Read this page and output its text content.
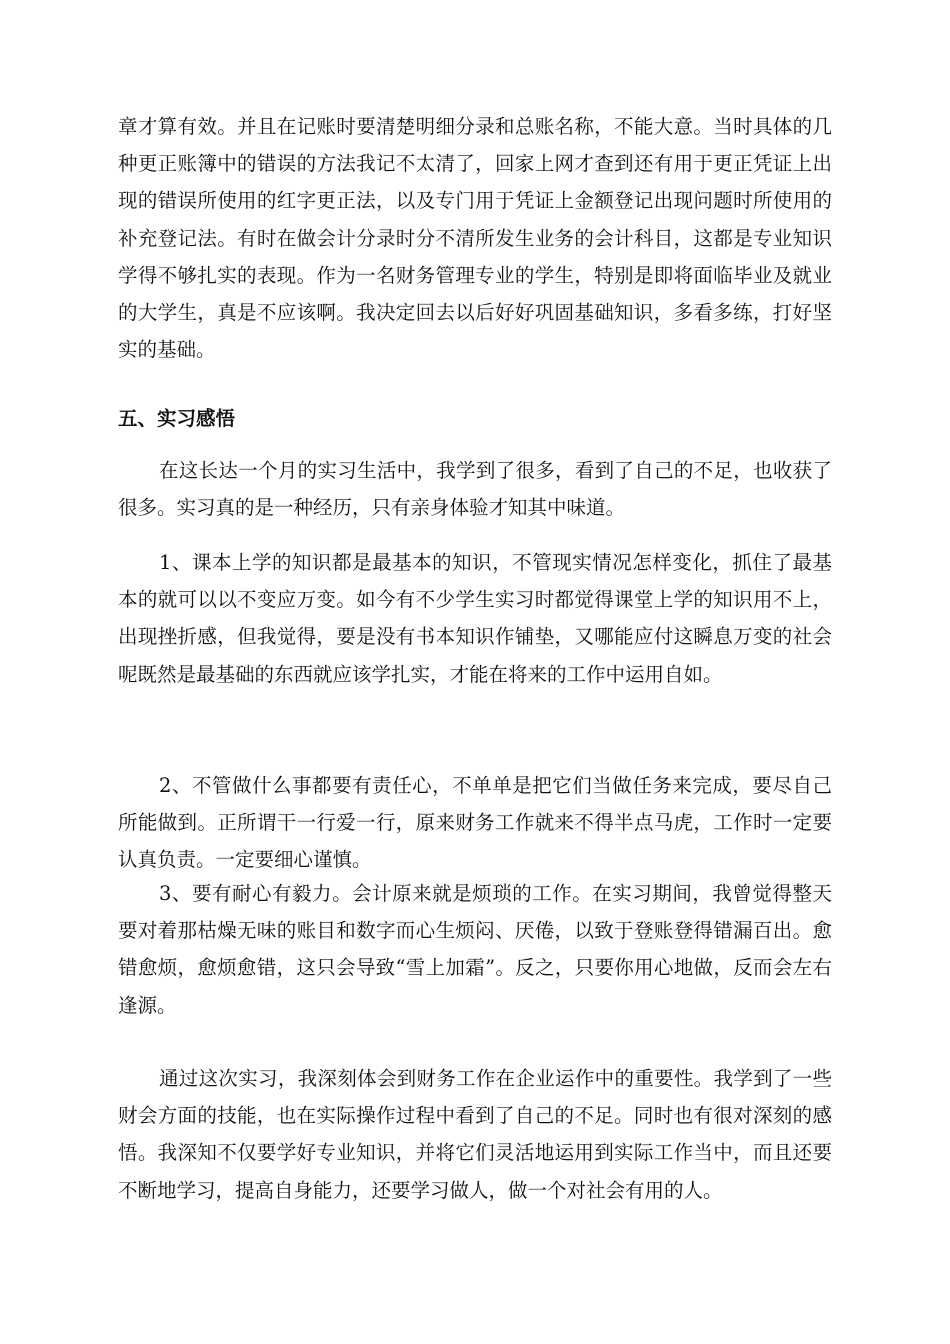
章才算有效。并且在记账时要清楚明细分录和总账名称，不能大意。当时具体的几种更正账簿中的错误的方法我记不太清了，回家上网才查到还有用于更正凭证上出现的错误所使用的红字更正法，以及专门用于凭证上金额登记出现问题时所使用的补充登记法。有时在做会计分录时分不清所发生业务的会计科目，这都是专业知识学得不够扎实的表现。作为一名财务管理专业的学生，特别是即将面临毕业及就业的大学生，真是不应该啊。我决定回去以后好好巩固基础知识，多看多练，打好坚实的基础。

五、实习感悟

在这长达一个月的实习生活中，我学到了很多，看到了自己的不足，也收获了很多。实习真的是一种经历，只有亲身体验才知其中味道。

1、课本上学的知识都是最基本的知识，不管现实情况怎样变化，抓住了最基本的就可以以不变应万变。如今有不少学生实习时都觉得课堂上学的知识用不上，出现挫折感，但我觉得，要是没有书本知识作铺垫，又哪能应付这瞬息万变的社会呢既然是最基础的东西就应该学扎实，才能在将来的工作中运用自如。

2、不管做什么事都要有责任心，不单单是把它们当做任务来完成，要尽自己所能做到。正所谓干一行爱一行，原来财务工作就来不得半点马虎，工作时一定要认真负责。一定要细心谨慎。

3、要有耐心有毅力。会计原来就是烦琐的工作。在实习期间，我曾觉得整天要对着那枯燥无味的账目和数字而心生烦闷、厌倦，以致于登账登得错漏百出。愈错愈烦，愈烦愈错，这只会导致“雪上加霜”。反之，只要你用心地做，反而会左右逢源。

通过这次实习，我深刻体会到财务工作在企业运作中的重要性。我学到了一些财会方面的技能，也在实际操作过程中看到了自己的不足。同时也有很对深刻的感悟。我深知不仅要学好专业知识，并将它们灵活地运用到实际工作当中，而且还要不断地学习，提高自身能力，还要学习做人，做一个对社会有用的人。
